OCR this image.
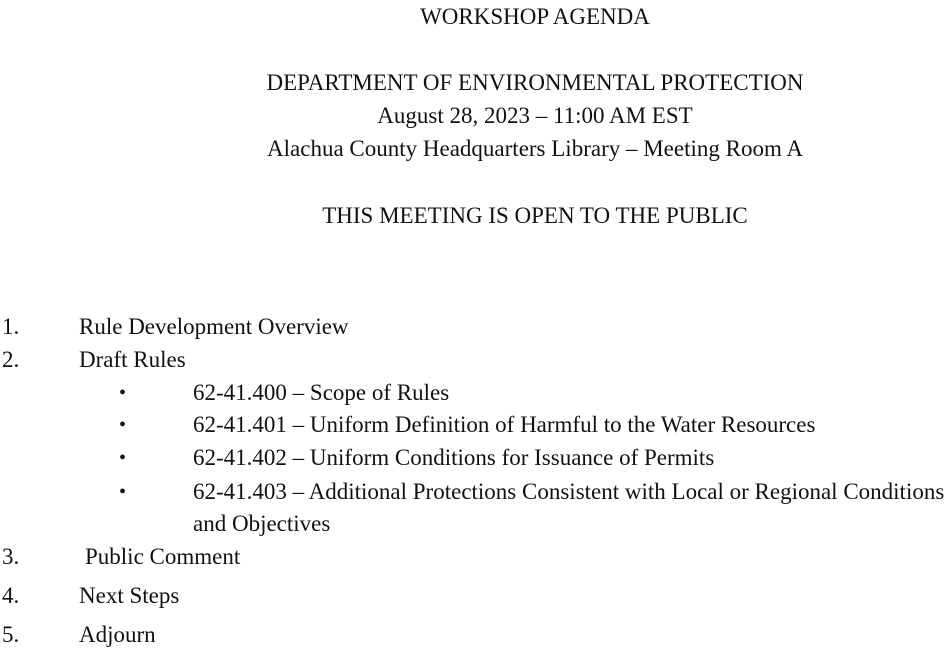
WORKSHOP AGENDA
DEPARTMENT OF ENVIRONMENTAL PROTECTION
August 28, 2023 – 11:00 AM EST
Alachua County Headquarters Library – Meeting Room A
THIS MEETING IS OPEN TO THE PUBLIC
1.	Rule Development Overview
2.	Draft Rules
•	62-41.400 – Scope of Rules
•	62-41.401 – Uniform Definition of Harmful to the Water Resources
•	62-41.402 – Uniform Conditions for Issuance of Permits
•	62-41.403 – Additional Protections Consistent with Local or Regional Conditions and Objectives
3.	Public Comment
4.	Next Steps
5.	Adjourn
